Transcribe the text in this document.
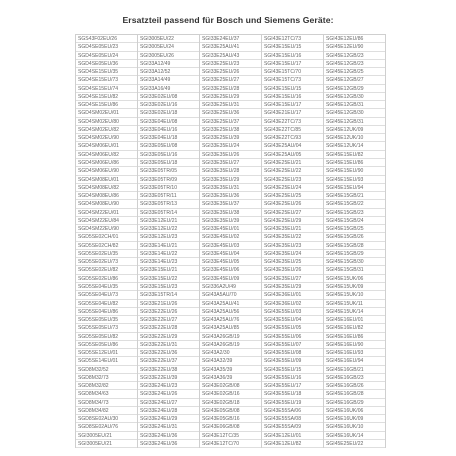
Ersatzteil passend für Bosch und Siemens Geräte:
SGS43F02EU/26
SGD4SE05EU/23
SGD4SE05EU/24
SGD4SE05EU/36
SGD4SE15EU/35
SGD4SE15EU/73
SGD4SE15EU/74
SGD4SE15EU/82
SGD4SE15EU/86
SGD4SM02EU/01
SGD4SM02EU/80
SGD4SM02EU/82
SGD4SM02EU/90
SGD4SM06EU/01
SGD4SM06EU/82
SGD4SM06EU/86
SGD4SM06EU/90
SGD4SM08EU/01
SGD4SM08EU/82
SGD4SM08EU/86
SGD4SM08EU/90
SGD4SM22EU/01
SGD4SM22EU/84
SGD4SM22EU/90
SGD5SE02CH/01
SGD5SE02CH/82
SGD5SE02EU/35
SGD5SE02EU/73
SGD5SE02EU/82
SGD5SE02EU/86
SGD5SE04EU/35
SGD5SE04EU/73
SGD5SE04EU/82
SGD5SE04EU/86
SGD5SE05EU/35
SGD5SE05EU/73
SGD5SE05EU/82
SGD5SE05EU/86
SGD5SE12EU/01
SGD5SE14EU/01
SGD8M32/52
SGD8M32/73
SGD8M32/82
SGD8M34/63
SGD8M34/73
SGD8M34/82
SGD8SE02AU/30
SGD8SE02AU/76
SGI3005EU/21
SGI3005EU/21
SGI3005EU/22
SGI3005EU/24
SGI3005EU/26
SGI33A12/49
SGI33A12/52
SGI33A14/49
SGI33A16/49
SGI33E02EU/08
SGI33E02EU/16
SGI33E02EU/18
SGI33E04EU/08
SGI33E04EU/16
SGI33E04EU/18
SGI33E05EU/08
SGI33E05EU/16
SGI33E05EU/18
SGI33E05TR/05
SGI33E05TR/09
SGI33E05TR/10
SGI33E05TR/11
SGI33E05TR/13
SGI33E05TR/14
SGI33E12EU/21
SGI33E12EU/22
SGI33E12EU/23
SGI33E14EU/21
SGI33E14EU/22
SGI33E14EU/23
SGI33E15EU/21
SGI33E15EU/22
SGI33E15EU/23
SGI33E15TR/14
SGI33E21EU/26
SGI33E22EU/26
SGI33E22EU/27
SGI33E22EU/28
SGI33E22EU/29
SGI33E22EU/31
SGI33E22EU/36
SGI33E22EU/37
SGI33E22EU/38
SGI33E22EU/39
SGI33E24EU/23
SGI33E24EU/26
SGI33E24EU/27
SGI33E24EU/28
SGI33E24EU/29
SGI33E24EU/31
SGI33E24EU/36
SGI33E24EU/36
SGI33E24EU/37
SGI33E25AU/41
SGI33E25AU/43
SGI33E25EU/23
SGI33E25EU/26
SGI33E25EU/27
SGI33E25EU/28
SGI33E25EU/29
SGI33E25EU/31
SGI33E25EU/36
SGI33E25EU/37
SGI33E25EU/38
SGI33E25EU/39
SGI33E35EU/24
SGI33E35EU/26
SGI33E35EU/27
SGI33E35EU/28
SGI33E35EU/29
SGI33E35EU/31
SGI33E35EU/36
SGI33E35EU/37
SGI33E35EU/38
SGI33E35EU/39
SGI33E45EU/01
SGI33E45EU/02
SGI33E45EU/03
SGI33E45EU/04
SGI33E45EU/05
SGI33E45EU/06
SGI33E45EU/09
SGI336A2U/49
SGI43A5AU/70
SGI43A25AU/41
SGI43A25AU/56
SGI43A25AU/76
SGI43A25AU/85
SGI43A26GB/19
SGI43A26GB/19
SGI43A2/30
SGI43A32/39
SGI43A35/39
SGI43A36/39
SGI43E02GB/08
SGI43E02GB/16
SGI43E02GB/18
SGI43E05GB/08
SGI43E05GB/16
SGI43E06GB/08
SGI43E12TC/35
SGI43E12TC/70
SGI43E12TC/73
SGI43E15EU/15
SGI43E15EU/16
SGI43E15EU/17
SGI43E15TC/70
SGI43E15TC/73
SGI43E15EU/15
SGI43E15EU/16
SGI43E15EU/17
SGI43E21EU/17
SGI43E22TC/73
SGI43E22TC/85
SGI43E22TC/93
SGI43E25AU/04
SGI43E25AU/05
SGI43E25EU/21
SGI43E25EU/22
SGI43E25EU/23
SGI43E25EU/24
SGI43E25EU/25
SGI43E25EU/26
SGI43E25EU/27
SGI43E25EU/29
SGI43E35EU/21
SGI43E35EU/22
SGI43E35EU/23
SGI43E35EU/24
SGI43E35EU/25
SGI43E35EU/26
SGI43E35EU/27
SGI43E35EU/29
SGI43E36EU/01
SGI43E36EU/02
SGI43E55EU/03
SGI43E55EU/04
SGI43E55EU/05
SGI43E55EU/06
SGI43E55EU/07
SGI43E55EU/08
SGI43E55EU/09
SGI43E55EU/15
SGI43E55EU/16
SGI43E55EU/17
SGI43E55EU/18
SGI43E55EU/19
SGI43E55SA/06
SGI43E55SA/08
SGI43E55SA/09
SGI43E12EU/01
SGI43E12EU/82
SGI43E12EU/86
SGI45E12EU/90
SGI45E12GB/23
SGI45E12GB/23
SGI45E12GB/25
SGI45E12GB/27
SGI45E12GB/29
SGI45E12GB/30
SGI45E12GB/31
SGI45E12GB/30
SGI45E12GB/31
SGI45E12UK/09
SGI45E12UK/10
SGI45E12UK/14
SGI45E15EU/82
SGI45E15EU/86
SGI45E15EU/90
SGI45E15EU/93
SGI45E15EU/94
SGI45E15GB/21
SGI45E15GB/22
SGI45E15GB/23
SGI45E15GB/24
SGI45E15GB/25
SGI45E15GB/26
SGI45E15GB/28
SGI45E15GB/29
SGI45E15GB/30
SGI45E15GB/31
SGI45E15UK/06
SGI45E15UK/09
SGI45E15UK/10
SGI45E15UK/11
SGI45E15UK/14
SGI45E16EU/01
SGI45E16EU/82
SGI45E16EU/86
SGI45E16EU/90
SGI45E16EU/93
SGI45E16EU/94
SGI45E16GB/21
SGI45E16GB/23
SGI45E16GB/26
SGI45E16GB/28
SGI45E16GB/29
SGI45E16UK/06
SGI45E16UK/09
SGI45E16UK/10
SGI45E16UK/14
SGI45E25EU/22
